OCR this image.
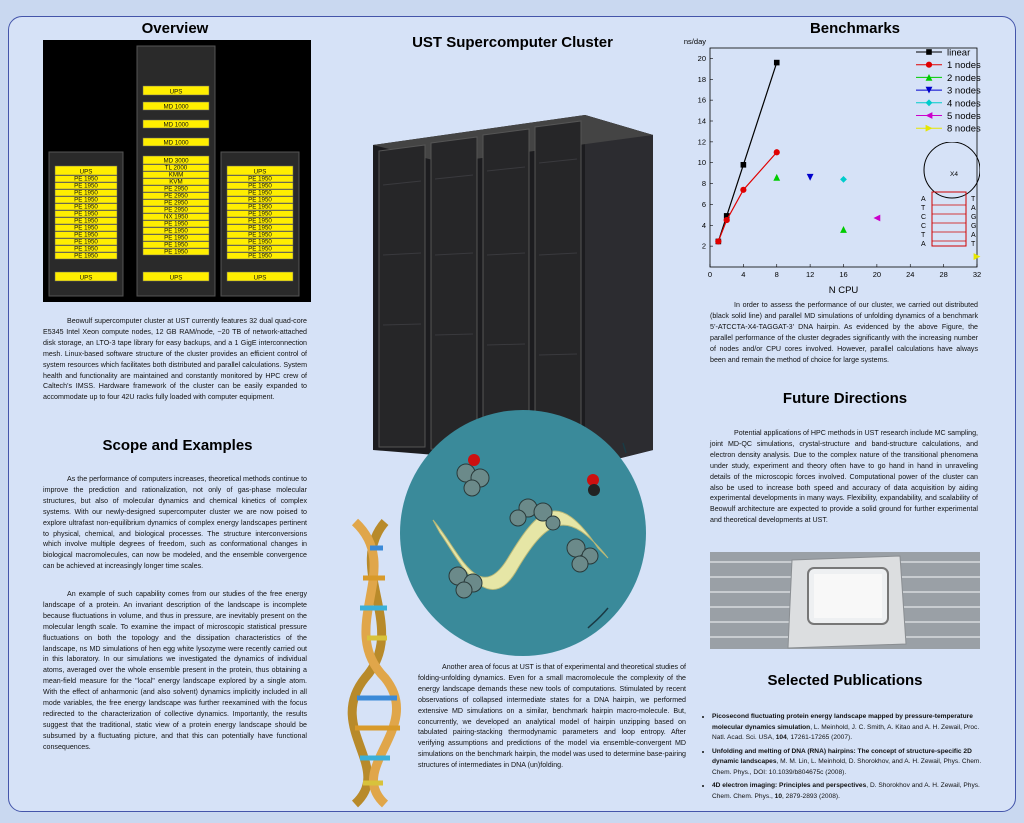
Overview
UST Supercomputer Cluster
Benchmarks
Scope and Examples
Future Directions
Selected Publications
UPS
PE 1950
PE 1950
PE 1950
PE 1950
PE 1950
PE 1950
PE 1950
PE 1950
PE 1950
PE 1950
PE 1950
PE 1950
UPS
UPS
MD 1000
MD 1000
MD 1000
MD 3000
TL 2000
KMM
KVM
PE 2950
PE 2950
PE 2950
PE 2950
NX 1950
PE 1950
PE 1950
PE 1950
PE 1950
PE 1950
UPS
UPS
PE 1950
PE 1950
PE 1950
PE 1950
PE 1950
PE 1950
PE 1950
PE 1950
PE 1950
PE 1950
PE 1950
PE 1950
UPS
Beowulf supercomputer cluster at UST currently features 32 dual quad-core E5345 Intel Xeon compute nodes, 12 GB RAM/node, ~20 TB of network-attached disk storage, an LTO-3 tape library for easy backups, and a 1 GigE interconnection mesh. Linux-based software structure of the cluster provides an efficient control of system resources which facilitates both distributed and parallel calculations. System health and functionality are maintained and constantly monitored by HPC crew of Caltech’s IMSS. Hardware framework of the cluster can be easily expanded to accommodate up to four 42U racks fully loaded with computer equipment.
As the performance of computers increases, theoretical methods continue to improve the prediction and rationalization, not only of gas-phase molecular structures, but also of molecular dynamics and chemical kinetics of complex systems. With our newly-designed supercomputer cluster we are now poised to explore ultrafast non-equilibrium dynamics of complex energy landscapes pertinent to physical, chemical, and biological processes. The structure interconversions which involve multiple degrees of freedom, such as conformational changes in biological macromolecules, can now be modeled, and the ensemble convergence can be achieved at increasingly longer time scales.
An example of such capability comes from our studies of the free energy landscape of a protein. An invariant description of the landscape is incomplete because fluctuations in volume, and thus in pressure, are inevitably present on the molecular length scale. To examine the impact of microscopic statistical pressure fluctuations on both the topology and the dissipation characteristics of the landscape, ns MD simulations of hen egg white lysozyme were recently carried out in this laboratory. In our simulations we investigated the dynamics of individual atoms, averaged over the whole ensemble present in the protein, thus obtaining a mean-field measure for the "local" energy landscape explored by a single atom. With the effect of anharmonic (and also solvent) dynamics implicitly included in all mode variables, the free energy landscape was further reexamined with the focus redirected to the characterization of collective dynamics. Importantly, the results suggest that the traditional, static view of a protein energy landscape should be subsumed by a fluctuating picture, and that this can potentially have functional consequences.
Another area of focus at UST is that of experimental and theoretical studies of folding-unfolding dynamics. Even for a small macromolecule the complexity of the energy landscape demands these new tools of computations. Stimulated by recent observations of collapsed intermediate states for a DNA hairpin, we performed extensive MD simulations on a similar, benchmark hairpin macro-molecule. But, concurrently, we developed an analytical model of hairpin unzipping based on tabulated pairing-stacking thermodynamic parameters and loop entropy. After verifying assumptions and predictions of the model via ensemble-convergent MD simulations on the benchmark hairpin, the model was used to determine base-pairing structures of intermediates in DNA (un)folding.
0	4	8	12	16	20	24	28	32
2
4
6
8
10
12
14
16
18
20
ns/day
N CPU
linear
1 nodes
2 nodes
3 nodes
4 nodes
5 nodes
8 nodes
X4
A	T
T	A
C	G
C	G
T	A
A	T
In order to assess the performance of our cluster, we carried out distributed (black solid line) and parallel MD simulations of unfolding dynamics of a benchmark 5’-ATCCTA-X4-TAGGAT-3’ DNA hairpin. As evidenced by the above Figure, the parallel performance of the cluster degrades significantly with the increasing number of nodes and/or CPU cores involved. However, parallel calculations have always been and remain the method of choice for large systems.
Potential applications of HPC methods in UST research include MC sampling, joint MD-QC simulations, crystal-structure and band-structure calculations, and electron density analysis. Due to the complex nature of the transitional phenomena under study, experiment and theory often have to go hand in hand in unraveling details of the microscopic forces involved. Computational power of the cluster can also be used to increase both speed and accuracy of data acquisition by aiding experimental developments in many ways. Flexibility, expandability, and scalability of Beowulf architecture are expected to provide a solid ground for further experimental and theoretical developments at UST.
• Picosecond fluctuating protein energy landscape mapped by pressure-temperature molecular dynamics simulation, L. Meinhold, J. C. Smith, A. Kitao and A. H. Zewail, Proc. Natl. Acad. Sci. USA, 104, 17261-17265 (2007).
• Unfolding and melting of DNA (RNA) hairpins: The concept of structure-specific 2D dynamic landscapes, M. M. Lin, L. Meinhold, D. Shorokhov, and A. H. Zewail, Phys. Chem. Chem. Phys., DOI: 10.1039/b804675c (2008).
• 4D electron imaging: Principles and perspectives, D. Shorokhov and A. H. Zewail, Phys. Chem. Chem. Phys., 10, 2879-2893 (2008).
